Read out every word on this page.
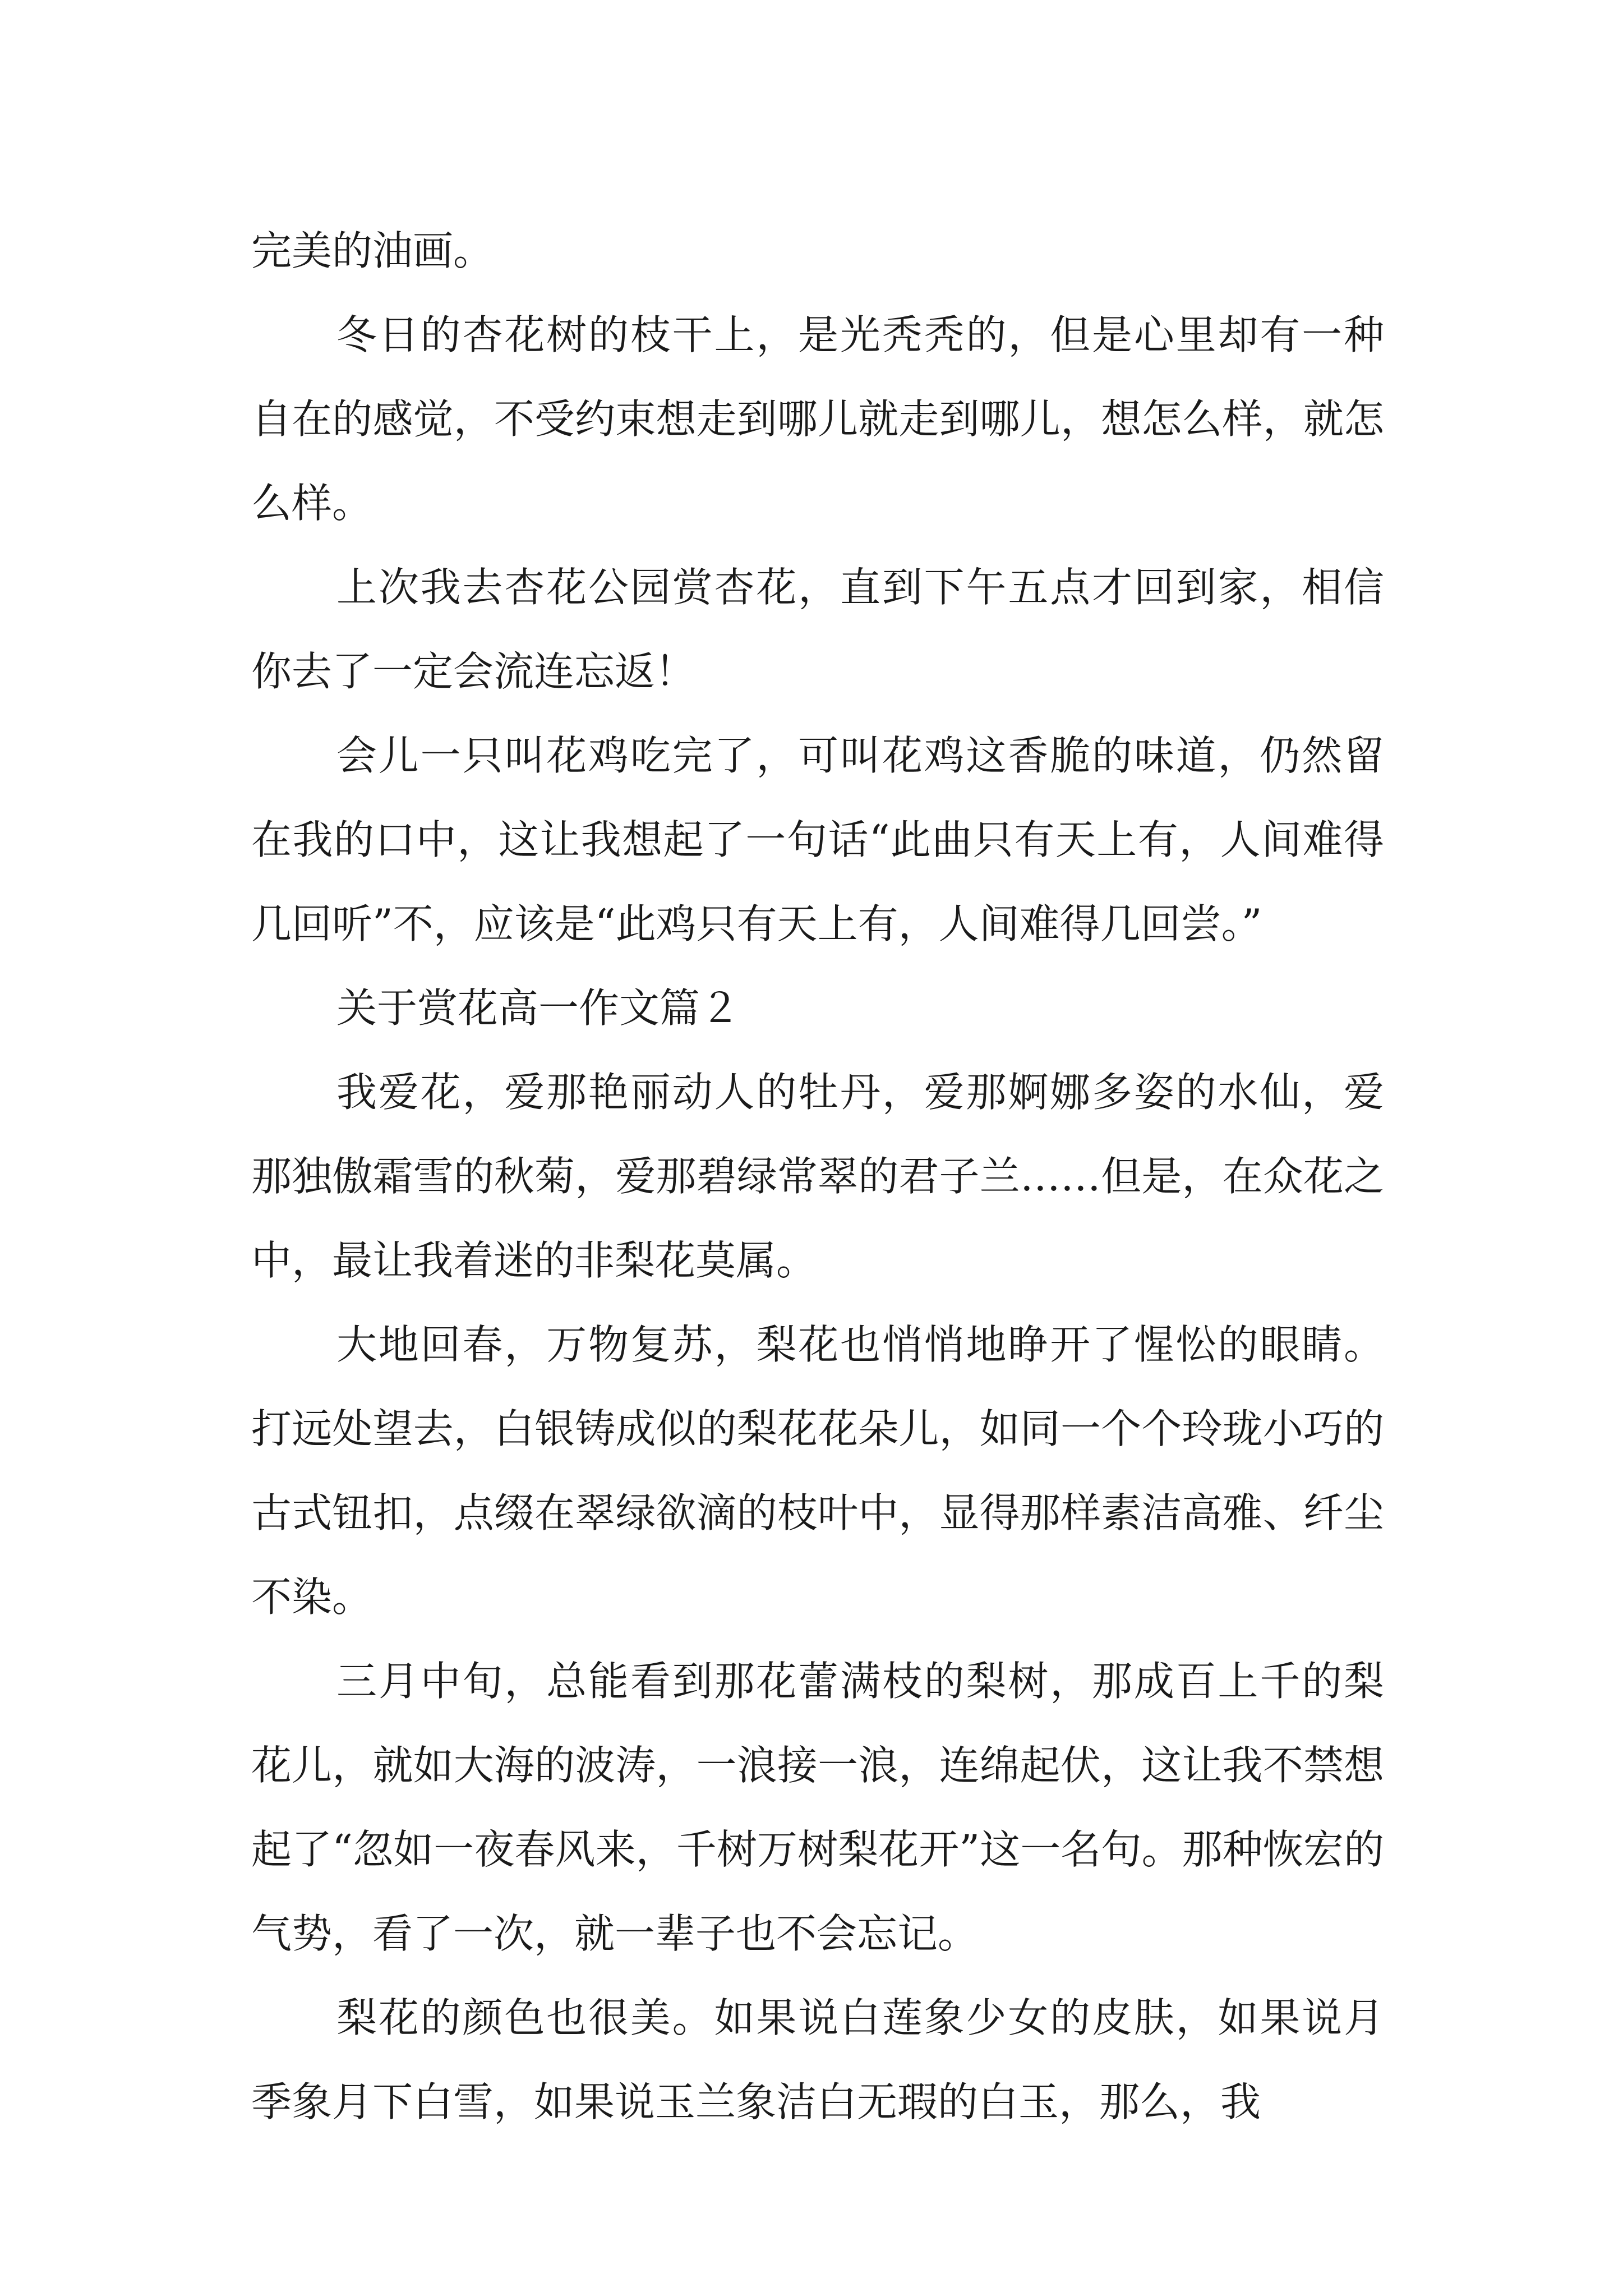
完美的油画。

冬日的杏花树的枝干上，是光秃秃的，但是心里却有一种自在的感觉，不受约束想走到哪儿就走到哪儿，想怎么样，就怎么样。

上次我去杏花公园赏杏花，直到下午五点才回到家，相信你去了一定会流连忘返！

会儿一只叫花鸡吃完了，可叫花鸡这香脆的味道，仍然留在我的口中，这让我想起了一句话“此曲只有天上有，人间难得几回听”不，应该是“此鸡只有天上有，人间难得几回尝。”

关于赏花高一作文篇２

我爱花，爱那艳丽动人的牡丹，爱那婀娜多姿的水仙，爱那独傲霜雪的秋菊，爱那碧绿常翠的君子兰……但是，在众花之中，最让我着迷的非梨花莫属。

大地回春，万物复苏，梨花也悄悄地睁开了惺忪的眼睛。打远处望去，白银铸成似的梨花花朵儿，如同一个个玲珑小巧的古式钮扣，点缀在翠绿欲滴的枝叶中，显得那样素洁高雅、纤尘不染。

三月中旬，总能看到那花蕾满枝的梨树，那成百上千的梨花儿，就如大海的波涛，一浪接一浪，连绵起伏，这让我不禁想起了“忽如一夜春风来，千树万树梨花开”这一名句。那种恢宏的气势，看了一次，就一辈子也不会忘记。

梨花的颜色也很美。如果说白莲象少女的皮肤，如果说月季象月下白雪，如果说玉兰象洁白无瑕的白玉，那么，我
